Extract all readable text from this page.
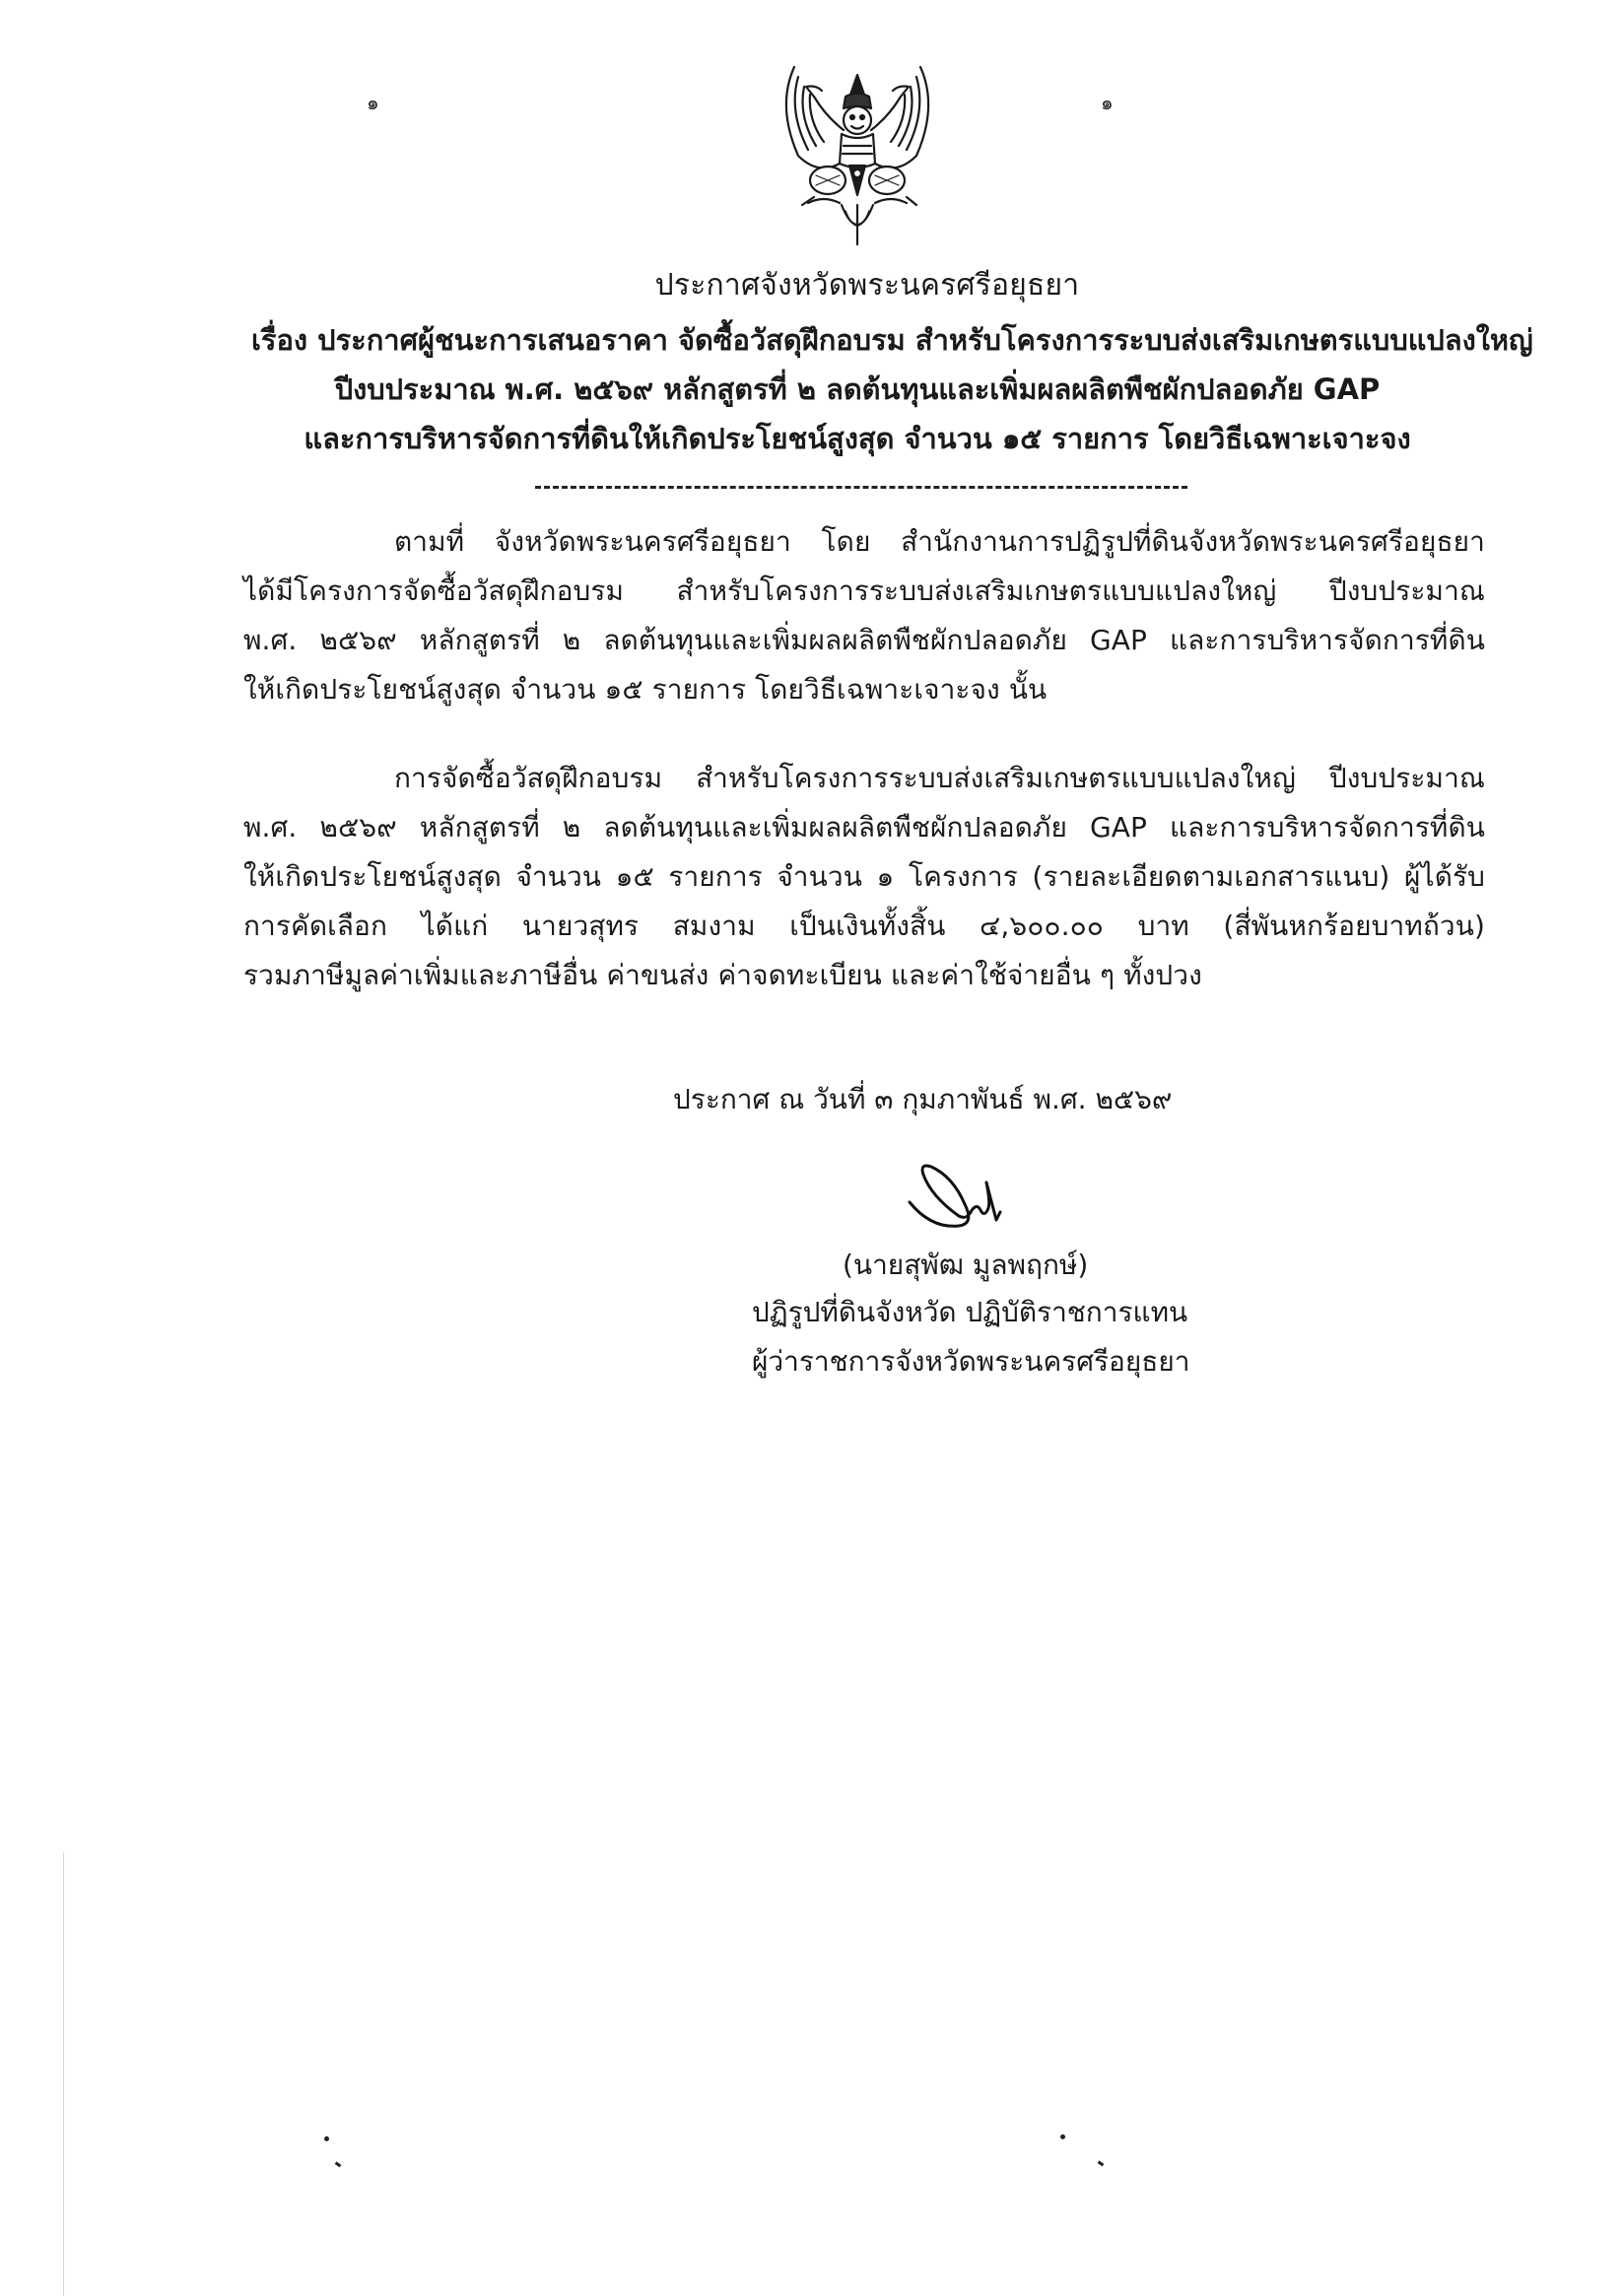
๑	๑
ประกาศจังหวัดพระนครศรีอยุธยา
เรื่อง ประกาศผู้ชนะการเสนอราคา จัดซื้อวัสดุฝึกอบรม สำหรับโครงการระบบส่งเสริมเกษตรแบบแปลงใหญ่
ปีงบประมาณ พ.ศ. ๒๕๖๙ หลักสูตรที่ ๒ ลดต้นทุนและเพิ่มผลผลิตพืชผักปลอดภัย GAP
และการบริหารจัดการที่ดินให้เกิดประโยชน์สูงสุด จำนวน ๑๕ รายการ โดยวิธีเฉพาะเจาะจง
ตามที่ จังหวัดพระนครศรีอยุธยา โดย สำนักงานการปฏิรูปที่ดินจังหวัดพระนครศรีอยุธยา
ได้มีโครงการจัดซื้อวัสดุฝึกอบรม สำหรับโครงการระบบส่งเสริมเกษตรแบบแปลงใหญ่ ปีงบประมาณ
พ.ศ. ๒๕๖๙ หลักสูตรที่ ๒ ลดต้นทุนและเพิ่มผลผลิตพืชผักปลอดภัย GAP และการบริหารจัดการที่ดิน
ให้เกิดประโยชน์สูงสุด จำนวน ๑๕ รายการ โดยวิธีเฉพาะเจาะจง นั้น
การจัดซื้อวัสดุฝึกอบรม สำหรับโครงการระบบส่งเสริมเกษตรแบบแปลงใหญ่ ปีงบประมาณ
พ.ศ. ๒๕๖๙ หลักสูตรที่ ๒ ลดต้นทุนและเพิ่มผลผลิตพืชผักปลอดภัย GAP และการบริหารจัดการที่ดิน
ให้เกิดประโยชน์สูงสุด จำนวน ๑๕ รายการ จำนวน ๑ โครงการ (รายละเอียดตามเอกสารแนบ) ผู้ได้รับ
การคัดเลือก ได้แก่ นายวสุทร สมงาม เป็นเงินทั้งสิ้น ๔,๖๐๐.๐๐ บาท (สี่พันหกร้อยบาทถ้วน)
รวมภาษีมูลค่าเพิ่มและภาษีอื่น ค่าขนส่ง ค่าจดทะเบียน และค่าใช้จ่ายอื่น ๆ ทั้งปวง
ประกาศ ณ วันที่ ๓ กุมภาพันธ์ พ.ศ. ๒๕๖๙
(นายสุพัฒ มูลพฤกษ์)
ปฏิรูปที่ดินจังหวัด ปฏิบัติราชการแทน
ผู้ว่าราชการจังหวัดพระนครศรีอยุธยา
